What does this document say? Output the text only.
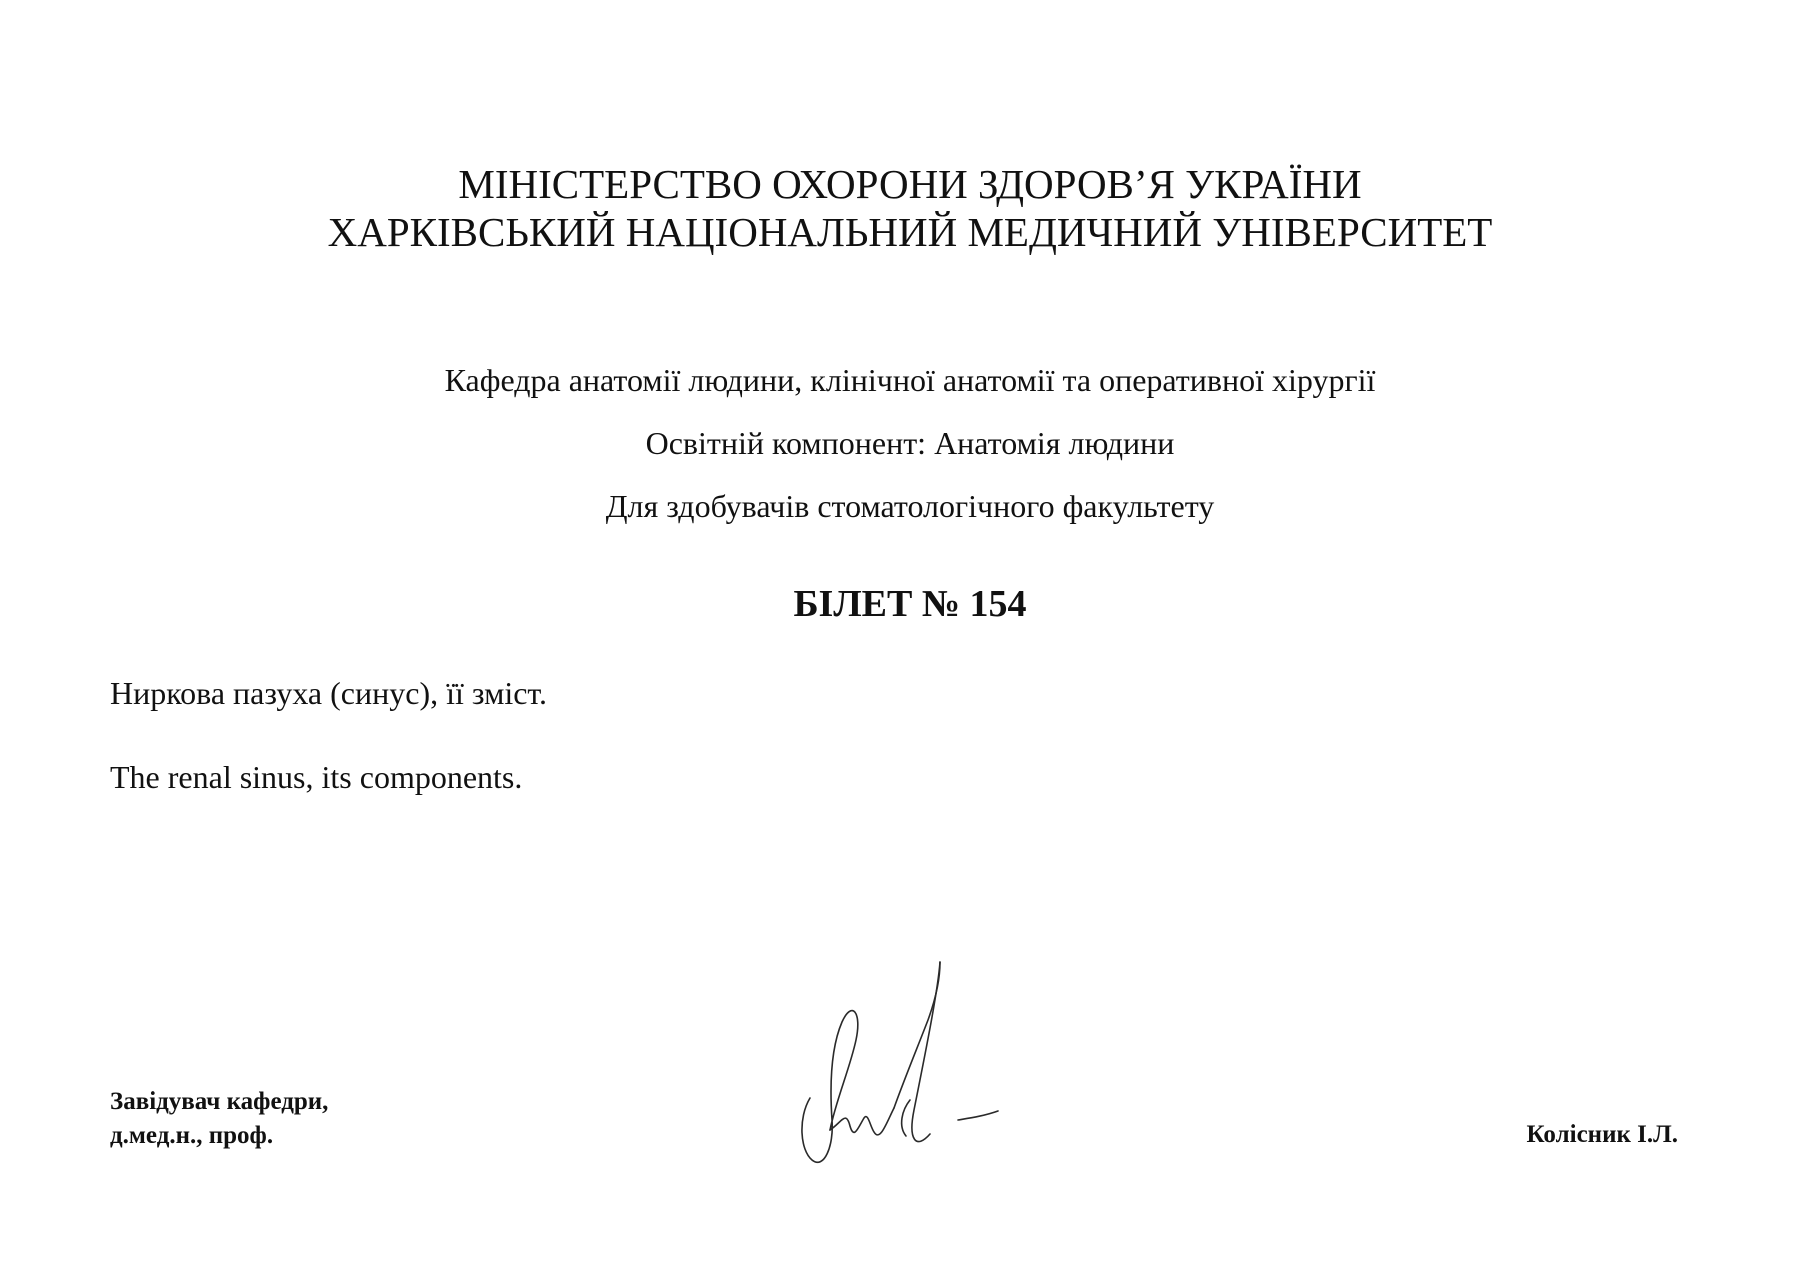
МІНІСТЕРСТВО ОХОРОНИ ЗДОРОВ’Я УКРАЇНИ
ХАРКІВСЬКИЙ НАЦІОНАЛЬНИЙ МЕДИЧНИЙ УНІВЕРСИТЕТ
Кафедра анатомії людини, клінічної анатомії та оперативної хірургії
Освітній компонент: Анатомія людини
Для здобувачів стоматологічного факультету
БІЛЕТ № 154
Ниркова пазуха (синус), її зміст.
The renal sinus, its components.
Завідувач кафедри,
д.мед.н., проф.	Колісник І.Л.
